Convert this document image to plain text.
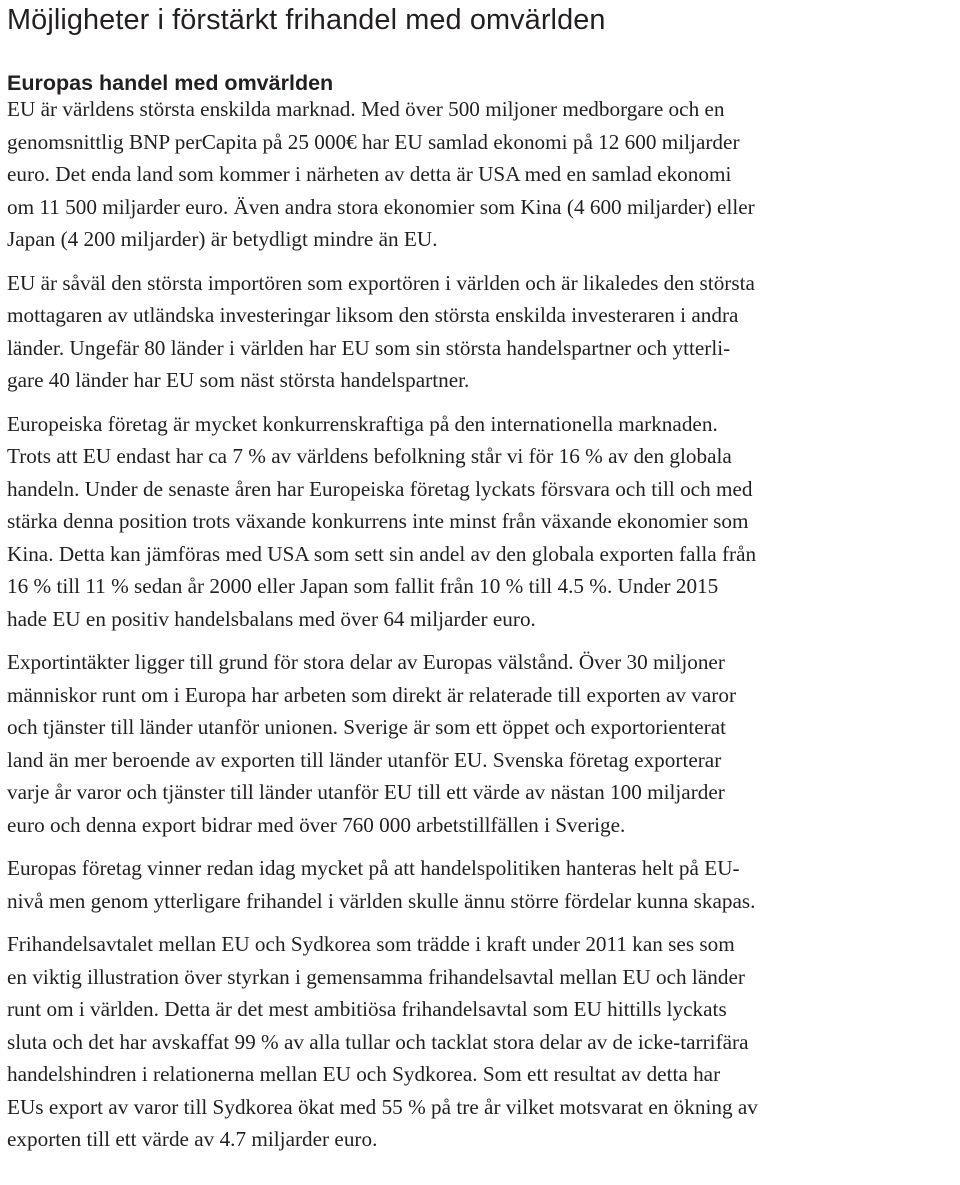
Möjligheter i förstärkt frihandel med omvärlden
Europas handel med omvärlden

EU är världens största enskilda marknad. Med över 500 miljoner medborgare och en
genomsnittlig BNP perCapita på 25 000€ har EU samlad ekonomi på 12 600 miljarder
euro. Det enda land som kommer i närheten av detta är USA med en samlad ekonomi
om 11 500 miljarder euro. Även andra stora ekonomier som Kina (4 600 miljarder) eller
Japan (4 200 miljarder) är betydligt mindre än EU.

EU är såväl den största importören som exportören i världen och är likaledes den största
mottagaren av utländska investeringar liksom den största enskilda investeraren i andra
länder. Ungefär 80 länder i världen har EU som sin största handelspartner och ytterli-
gare 40 länder har EU som näst största handelspartner.

Europeiska företag är mycket konkurrenskraftiga på den internationella marknaden.
Trots att EU endast har ca 7 % av världens befolkning står vi för 16 % av den globala
handeln. Under de senaste åren har Europeiska företag lyckats försvara och till och med
stärka denna position trots växande konkurrens inte minst från växande ekonomier som
Kina. Detta kan jämföras med USA som sett sin andel av den globala exporten falla från
16 % till 11 % sedan år 2000 eller Japan som fallit från 10 % till 4.5 %. Under 2015
hade EU en positiv handelsbalans med över 64 miljarder euro.

Exportintäkter ligger till grund för stora delar av Europas välstånd. Över 30 miljoner
människor runt om i Europa har arbeten som direkt är relaterade till exporten av varor
och tjänster till länder utanför unionen. Sverige är som ett öppet och exportorienterat
land än mer beroende av exporten till länder utanför EU. Svenska företag exporterar
varje år varor och tjänster till länder utanför EU till ett värde av nästan 100 miljarder
euro och denna export bidrar med över 760 000 arbetstillfällen i Sverige.

Europas företag vinner redan idag mycket på att handelspolitiken hanteras helt på EU-
nivå men genom ytterligare frihandel i världen skulle ännu större fördelar kunna skapas.

Frihandelsavtalet mellan EU och Sydkorea som trädde i kraft under 2011 kan ses som
en viktig illustration över styrkan i gemensamma frihandelsavtal mellan EU och länder
runt om i världen. Detta är det mest ambitiösa frihandelsavtal som EU hittills lyckats
sluta och det har avskaffat 99 % av alla tullar och tacklat stora delar av de icke-tarrifära
handelshindren i relationerna mellan EU och Sydkorea. Som ett resultat av detta har
EUs export av varor till Sydkorea ökat med 55 % på tre år vilket motsvarat en ökning av
exporten till ett värde av 4.7 miljarder euro.
